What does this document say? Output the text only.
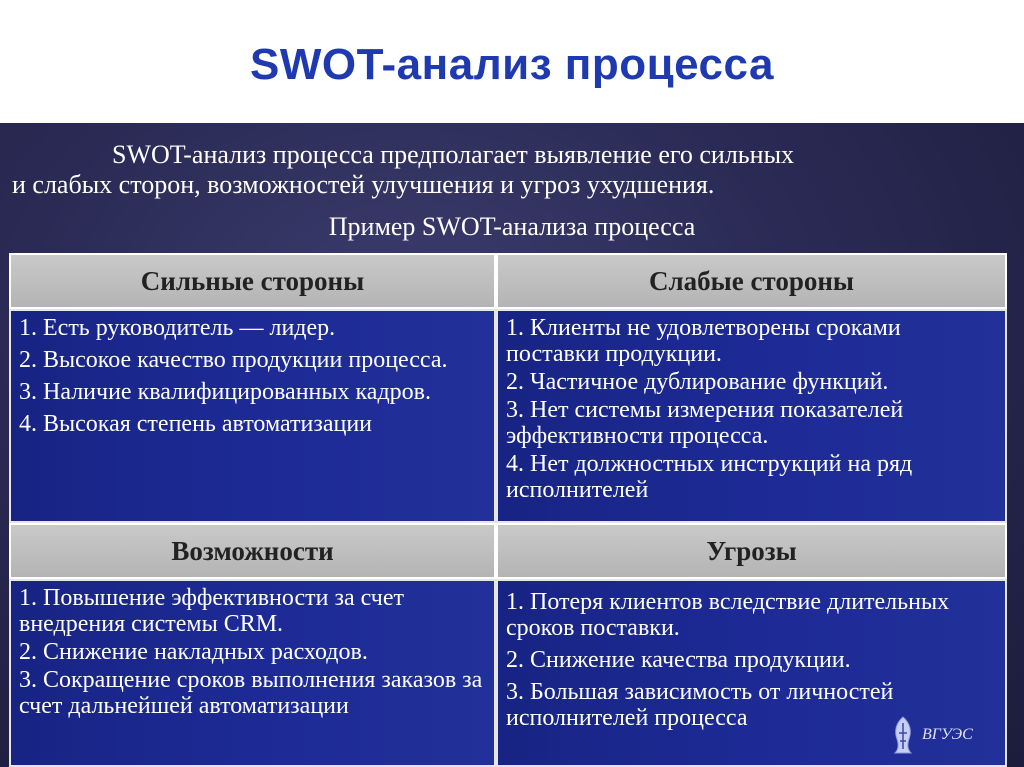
SWOT-анализ процесса
SWOT-анализ процесса предполагает выявление его сильных
и слабых сторон, возможностей улучшения и угроз ухудшения.
Пример SWOT-анализа процесса
Сильные стороны	Слабые стороны
1. Есть руководитель — лидер.
2. Высокое качество продукции процесса.
3. Наличие квалифицированных кадров.
4. Высокая степень автоматизации
1. Клиенты не удовлетворены сроками поставки продукции.
2. Частичное дублирование функций.
3. Нет системы измерения показателей эффективности процесса.
4. Нет должностных инструкций на ряд исполнителей
Возможности	Угрозы
1. Повышение эффективности за счет внедрения системы CRM.
2. Снижение накладных расходов.
3. Сокращение сроков выполнения заказов за счет дальнейшей автоматизации
1. Потеря клиентов вследствие длительных сроков поставки.
2. Снижение качества продукции.
3. Большая зависимость от личностей исполнителей процесса
ВГУЭС
